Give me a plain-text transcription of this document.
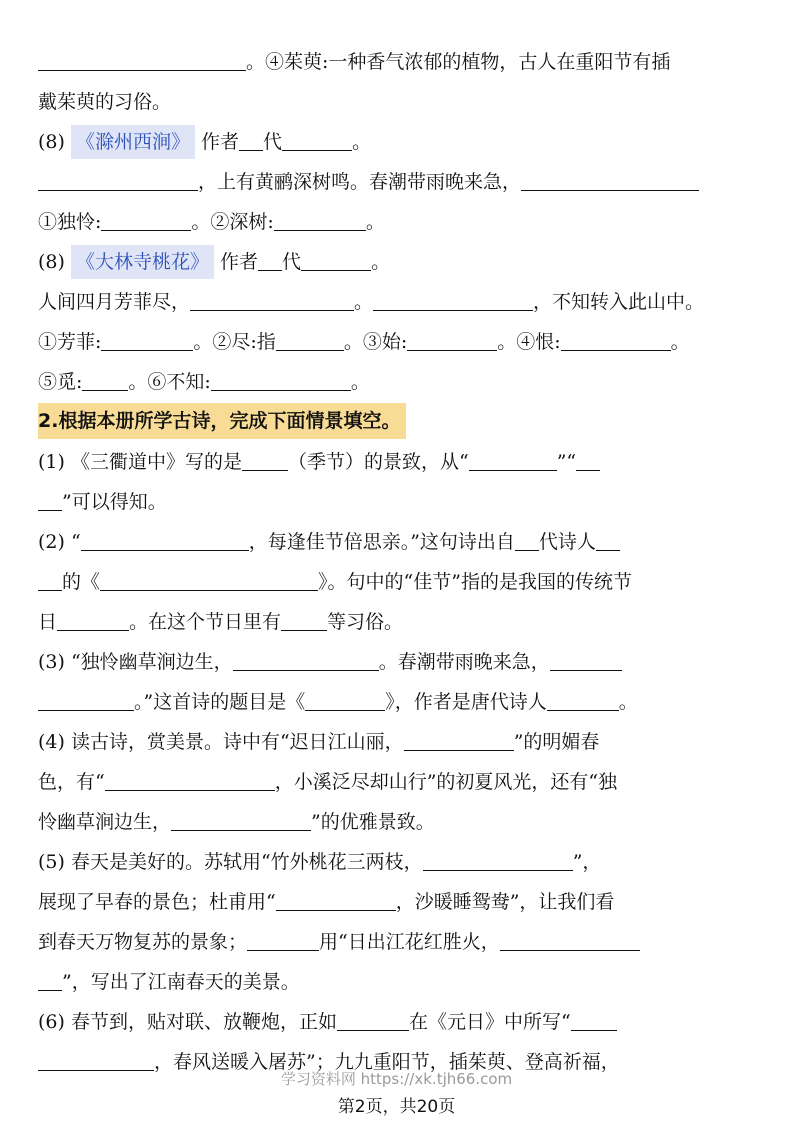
。④茱萸:一种香气浓郁的植物，古人在重阳节有插
戴茱萸的习俗。
(8) 《滁州西涧》 作者 代	。
，上有黄鹂深树鸣。春潮带雨晚来急，
①独怜:	。②深树:	。
(8) 《大林寺桃花》 作者 代	。
人间四月芳菲尽，	。	，不知转入此山中。
①芳菲:	。②尽:指	。③始:	。④恨:	。
⑤觅: 。⑥不知:	。
2.根据本册所学古诗，完成下面情景填空。
(1) 《三衢道中》写的是 （季节）的景致，从“	”“
”可以得知。
(2) “	，每逢佳节倍思亲。”这句诗出自 代诗人
的《	》。句中的“佳节”指的是我国的传统节
日	。在这个节日里有 等习俗。
(3) “独怜幽草涧边生，	。春潮带雨晚来急，
。”这首诗的题目是《	》，作者是唐代诗人	。
(4) 读古诗，赏美景。诗中有“迟日江山丽，	”的明媚春
色，有“	，小溪泛尽却山行”的初夏风光，还有“独
怜幽草涧边生，	”的优雅景致。
(5) 春天是美好的。苏轼用“竹外桃花三两枝，	”，
展现了早春的景色；杜甫用“	，沙暖睡鸳鸯”，让我们看
到春天万物复苏的景象；	用“日出江花红胜火，
”，写出了江南春天的美景。
(6) 春节到，贴对联、放鞭炮，正如	在《元日》中所写“
，春风送暖入屠苏”；九九重阳节，插茱萸、登高祈福，
学习资料网 https://xk.tjh66.com
第2页，共20页
